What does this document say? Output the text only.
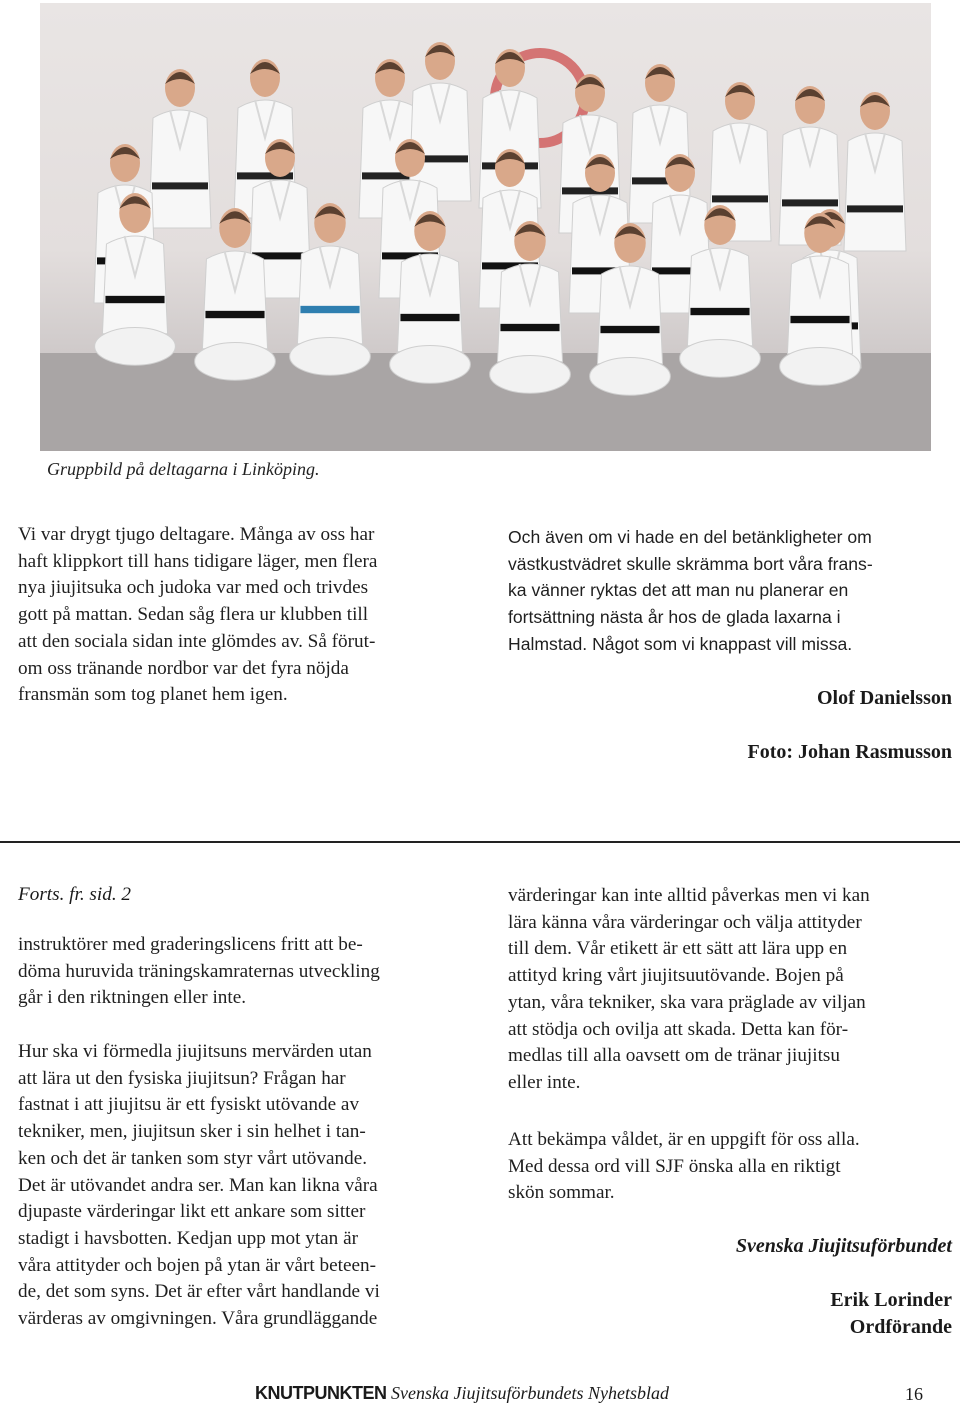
Gruppbild på deltagarna i Linköping.
Vi var drygt tjugo deltagare. Många av oss har
haft klippkort till hans tidigare läger, men flera
nya jiujitsuka och judoka var med och trivdes
gott på mattan. Sedan såg flera ur klubben till
att den sociala sidan inte glömdes av. Så förut-
om oss tränande nordbor var det fyra nöjda
fransmän som tog planet hem igen.
Och även om vi hade en del betänkligheter om
västkustvädret skulle skrämma bort våra frans-
ka vänner ryktas det att man nu planerar en
fortsättning nästa år hos de glada laxarna i
Halmstad. Något som vi knappast vill missa.
Olof Danielsson
Foto: Johan Rasmusson
Forts. fr. sid. 2
instruktörer med graderingslicens fritt att be-
döma huruvida träningskamraternas utveckling
går i den riktningen eller inte.
Hur ska vi förmedla jiujitsuns mervärden utan
att lära ut den fysiska jiujitsun? Frågan har
fastnat i att jiujitsu är ett fysiskt utövande av
tekniker, men, jiujitsun sker i sin helhet i tan-
ken och det är tanken som styr vårt utövande.
Det är utövandet andra ser. Man kan likna våra
djupaste värderingar likt ett ankare som sitter
stadigt i havsbotten. Kedjan upp mot ytan är
våra attityder och bojen på ytan är vårt beteen-
de, det som syns. Det är efter vårt handlande vi
värderas av omgivningen. Våra grundläggande
värderingar kan inte alltid påverkas men vi kan
lära känna våra värderingar och välja attityder
till dem. Vår etikett är ett sätt att lära upp en
attityd kring vårt jiujitsuutövande. Bojen på
ytan, våra tekniker, ska vara präglade av viljan
att stödja och ovilja att skada. Detta kan för-
medlas till alla oavsett om de tränar jiujitsu
eller inte.
Att bekämpa våldet, är en uppgift för oss alla.
Med dessa ord vill SJF önska alla en riktigt
skön sommar.
Svenska Jiujitsuförbundet
Erik Lorinder
Ordförande
KNUTPUNKTEN Svenska Jiujitsuförbundets Nyhetsblad	16
